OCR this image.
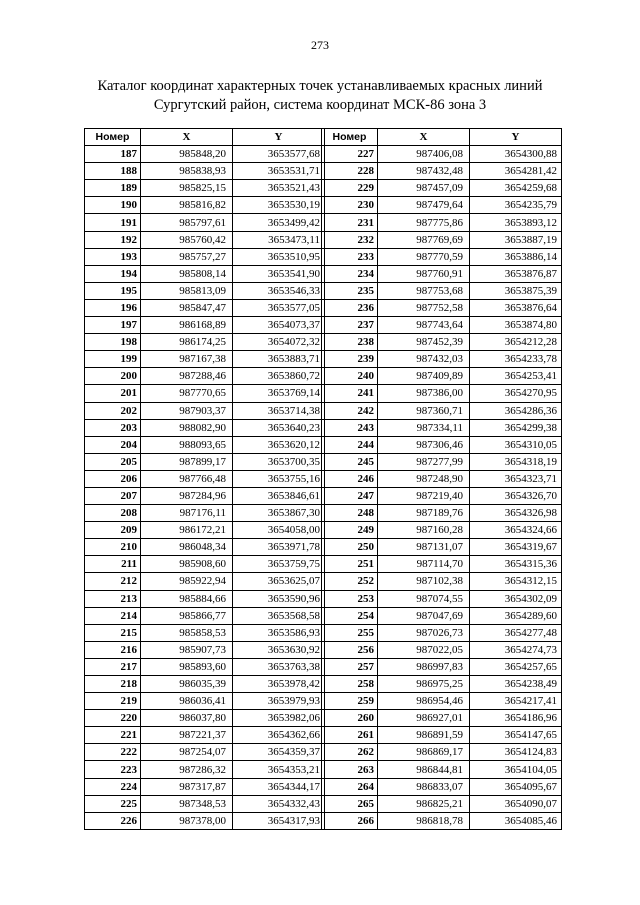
273
Каталог координат характерных точек устанавливаемых красных линий
Сургутский район, система координат МСК-86 зона 3
Номер	X	Y
187	985848,20	3653577,68
188	985838,93	3653531,71
189	985825,15	3653521,43
190	985816,82	3653530,19
191	985797,61	3653499,42
192	985760,42	3653473,11
193	985757,27	3653510,95
194	985808,14	3653541,90
195	985813,09	3653546,33
196	985847,47	3653577,05
197	986168,89	3654073,37
198	986174,25	3654072,32
199	987167,38	3653883,71
200	987288,46	3653860,72
201	987770,65	3653769,14
202	987903,37	3653714,38
203	988082,90	3653640,23
204	988093,65	3653620,12
205	987899,17	3653700,35
206	987766,48	3653755,16
207	987284,96	3653846,61
208	987176,11	3653867,30
209	986172,21	3654058,00
210	986048,34	3653971,78
211	985908,60	3653759,75
212	985922,94	3653625,07
213	985884,66	3653590,96
214	985866,77	3653568,58
215	985858,53	3653586,93
216	985907,73	3653630,92
217	985893,60	3653763,38
218	986035,39	3653978,42
219	986036,41	3653979,93
220	986037,80	3653982,06
221	987221,37	3654362,66
222	987254,07	3654359,37
223	987286,32	3654353,21
224	987317,87	3654344,17
225	987348,53	3654332,43
226	987378,00	3654317,93
Номер	X	Y
227	987406,08	3654300,88
228	987432,48	3654281,42
229	987457,09	3654259,68
230	987479,64	3654235,79
231	987775,86	3653893,12
232	987769,69	3653887,19
233	987770,59	3653886,14
234	987760,91	3653876,87
235	987753,68	3653875,39
236	987752,58	3653876,64
237	987743,64	3653874,80
238	987452,39	3654212,28
239	987432,03	3654233,78
240	987409,89	3654253,41
241	987386,00	3654270,95
242	987360,71	3654286,36
243	987334,11	3654299,38
244	987306,46	3654310,05
245	987277,99	3654318,19
246	987248,90	3654323,71
247	987219,40	3654326,70
248	987189,76	3654326,98
249	987160,28	3654324,66
250	987131,07	3654319,67
251	987114,70	3654315,36
252	987102,38	3654312,15
253	987074,55	3654302,09
254	987047,69	3654289,60
255	987026,73	3654277,48
256	987022,05	3654274,73
257	986997,83	3654257,65
258	986975,25	3654238,49
259	986954,46	3654217,41
260	986927,01	3654186,96
261	986891,59	3654147,65
262	986869,17	3654124,83
263	986844,81	3654104,05
264	986833,07	3654095,67
265	986825,21	3654090,07
266	986818,78	3654085,46
